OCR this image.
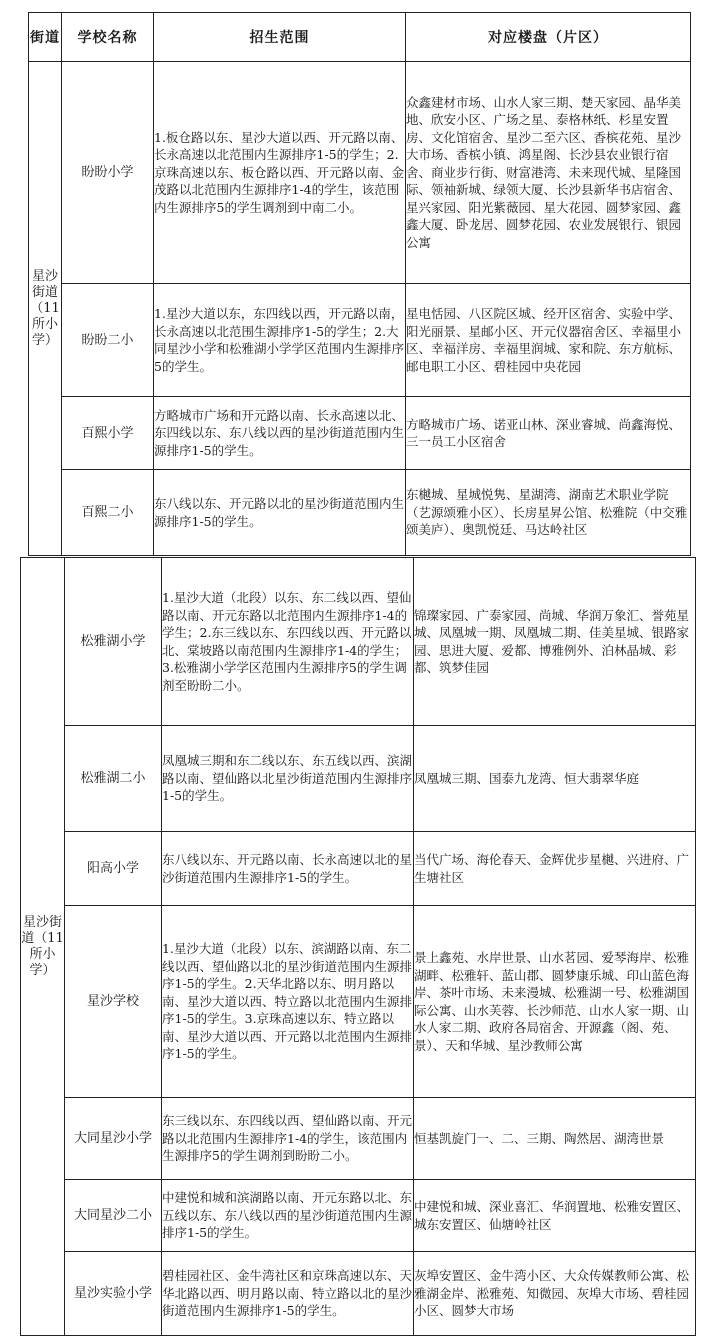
街道	学校名称	招生范围	对应楼盘（片区）
星沙街道（11所小学）	盼盼小学	1.板仓路以东、星沙大道以西、开元路以南、长永高速以北范围内生源排序1-5的学生；2.京珠高速以东、板仓路以西、开元路以南、金茂路以北范围内生源排序1-4的学生，该范围内生源排序5的学生调剂到中南二小。	众鑫建材市场、山水人家三期、楚天家园、晶华美地、欣安小区、广场之星、泰格林纸、杉星安置房、文化馆宿舍、星沙二至六区、香槟花苑、星沙大市场、香槟小镇、鸿星阁、长沙县农业银行宿舍、商业步行街、财富港湾、未来现代城、星隆国际、领袖新城、绿领大厦、长沙县新华书店宿舍、星兴家园、阳光紫薇园、星大花园、圆梦家园、鑫鑫大厦、卧龙居、圆梦花园、农业发展银行、银园公寓
	盼盼二小	1.星沙大道以东，东四线以西，开元路以南，长永高速以北范围生源排序1-5的学生；2.大同星沙小学和松雅湖小学学区范围内生源排序5的学生。	星电恬园、八区院区城、经开区宿舍、实验中学、阳光丽景、星邮小区、开元仪器宿舍区、幸福里小区、幸福洋房、幸福里润城、家和院、东方航标、邮电职工小区、碧桂园中央花园
	百熙小学	方略城市广场和开元路以南、长永高速以北、东四线以东、东八线以西的星沙街道范围内生源排序1-5的学生。	方略城市广场、诺亚山林、深业睿城、尚鑫海悦、三一员工小区宿舍
	百熙二小	东八线以东、开元路以北的星沙街道范围内生源排序1-5的学生。	东樾城、星城悦隽、星湖湾、湖南艺术职业学院（艺源颂雅小区）、长房星昇公馆、松雅院（中交雅颂美庐）、奥凯悦廷、马达岭社区
星沙街道（11所小学）	松雅湖小学	1.星沙大道（北段）以东、东二线以西、望仙路以南、开元东路以北范围内生源排序1-4的学生；2.东三线以东、东四线以西、开元路以北、棠坡路以南范围内生源排序1-4的学生；3.松雅湖小学学区范围内生源排序5的学生调剂至盼盼二小。	锦璨家园、广泰家园、尚城、华润万象汇、誉苑星城、凤凰城一期、凤凰城二期、佳美星城、银路家园、思进大厦、爱都、博雅例外、泊林晶城、彩都、筑梦佳园
	松雅湖二小	凤凰城三期和东二线以东、东五线以西、滨湖路以南、望仙路以北星沙街道范围内生源排序1-5的学生。	凤凰城三期、国泰九龙湾、恒大翡翠华庭
	阳高小学	东八线以东、开元路以南、长永高速以北的星沙街道范围内生源排序1-5的学生。	当代广场、海伦春天、金辉优步星樾、兴进府、广生塘社区
	星沙学校	1.星沙大道（北段）以东、滨湖路以南、东二线以西、望仙路以北的星沙街道范围内生源排序1-5的学生。2.天华北路以东、明月路以南、星沙大道以西、特立路以北范围内生源排序1-5的学生。3.京珠高速以东、特立路以南、星沙大道以西、开元路以北范围内生源排序1-5的学生。	景上鑫苑、水岸世景、山水茗园、爱琴海岸、松雅湖畔、松雅轩、蓝山郡、圆梦康乐城、印山蓝色海岸、茶叶市场、未来漫城、松雅湖一号、松雅湖国际公寓、山水芙蓉、长沙师范、山水人家一期、山水人家二期、政府各局宿舍、开源鑫（阁、苑、景）、天和华城、星沙教师公寓
	大同星沙小学	东三线以东、东四线以西、望仙路以南、开元路以北范围内生源排序1-4的学生，该范围内生源排序5的学生调剂到盼盼二小。	恒基凯旋门一、二、三期、陶然居、湖湾世景
	大同星沙二小	中建悦和城和滨湖路以南、开元东路以北、东五线以东、东八线以西的星沙街道范围内生源排序1-5的学生。	中建悦和城、深业喜汇、华润置地、松雅安置区、城东安置区、仙塘岭社区
	星沙实验小学	碧桂园社区、金牛湾社区和京珠高速以东、天华北路以西、明月路以南、特立路以北的星沙街道范围内生源排序1-5的学生。	灰埠安置区、金牛湾小区、大众传媒教师公寓、松雅湖金岸、淞雅苑、知微园、灰埠大市场、碧桂园小区、圆梦大市场
